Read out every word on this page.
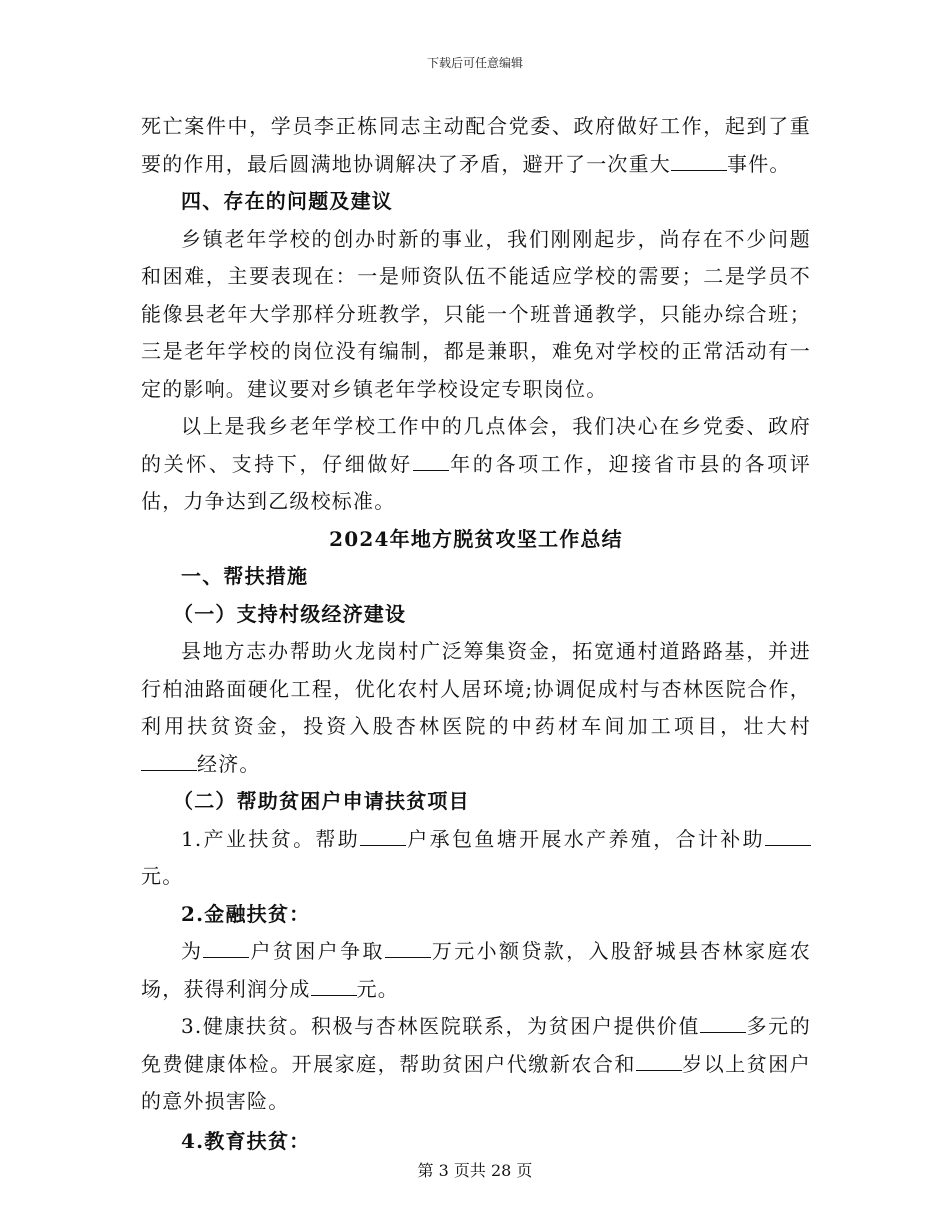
下载后可任意编辑

死亡案件中，学员李正栋同志主动配合党委、政府做好工作，起到了重要的作用，最后圆满地协调解决了矛盾，避开了一次重大	事件。

四、存在的问题及建议

乡镇老年学校的创办时新的事业，我们刚刚起步，尚存在不少问题和困难，主要表现在：一是师资队伍不能适应学校的需要；二是学员不能像县老年大学那样分班教学，只能一个班普通教学，只能办综合班；三是老年学校的岗位没有编制，都是兼职，难免对学校的正常活动有一定的影响。建议要对乡镇老年学校设定专职岗位。

以上是我乡老年学校工作中的几点体会，我们决心在乡党委、政府的关怀、支持下，仔细做好 年的各项工作，迎接省市县的各项评估，力争达到乙级校标准。

2024年地方脱贫攻坚工作总结

一、帮扶措施

（一）支持村级经济建设

县地方志办帮助火龙岗村广泛筹集资金，拓宽通村道路路基，并进行柏油路面硬化工程，优化农村人居环境;协调促成村与杏林医院合作，利用扶贫资金，投资入股杏林医院的中药材车间加工项目，壮大村经济。

（二）帮助贫困户申请扶贫项目

1.产业扶贫。帮助 户承包鱼塘开展水产养殖，合计补助元。

2.金融扶贫：

为 户贫困户争取 万元小额贷款，入股舒城县杏林家庭农场，获得利润分成 元。

3.健康扶贫。积极与杏林医院联系，为贫困户提供价值 多元的免费健康体检。开展家庭，帮助贫困户代缴新农合和 岁以上贫困户的意外损害险。

4.教育扶贫：

第 3 页共 28 页
